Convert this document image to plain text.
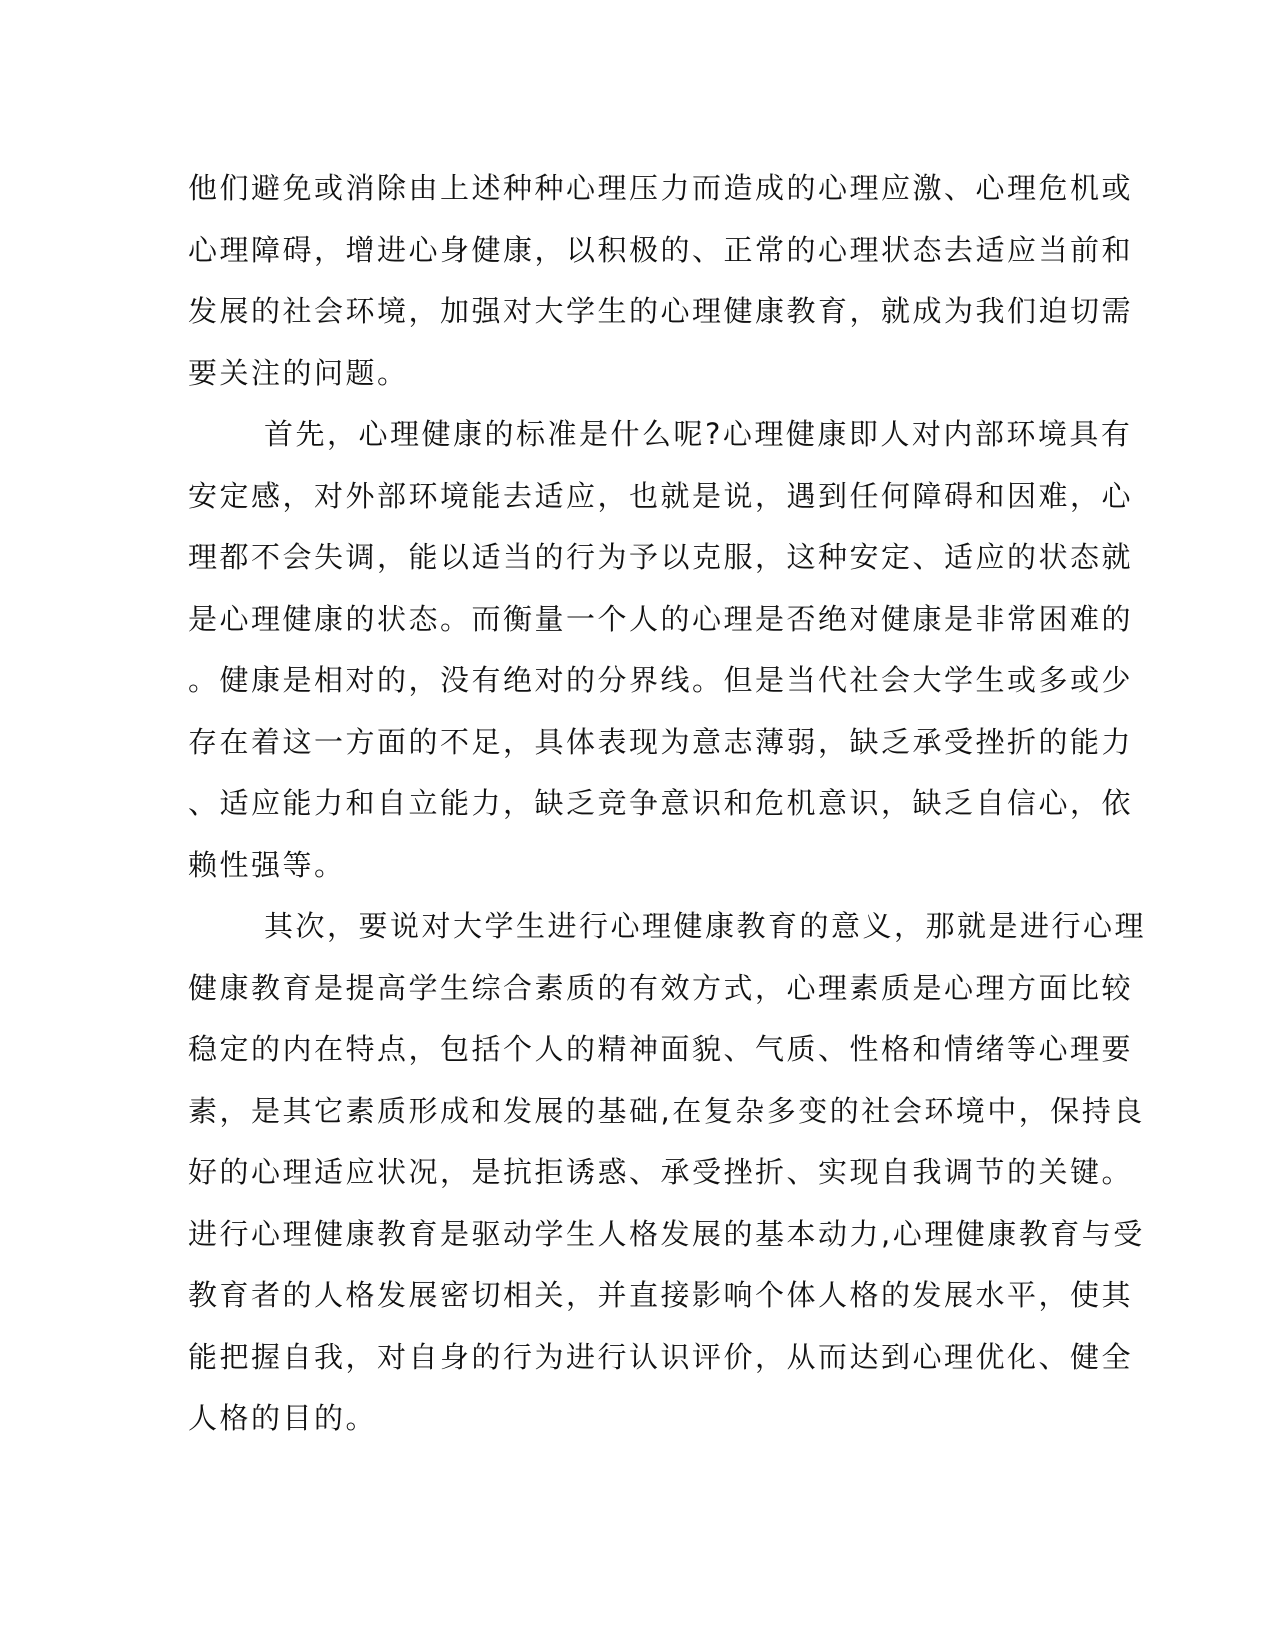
他们避免或消除由上述种种心理压力而造成的心理应激、心理危机或
心理障碍，增进心身健康，以积极的、正常的心理状态去适应当前和
发展的社会环境，加强对大学生的心理健康教育，就成为我们迫切需
要关注的问题。
首先，心理健康的标准是什么呢?心理健康即人对内部环境具有
安定感，对外部环境能去适应，也就是说，遇到任何障碍和因难，心
理都不会失调，能以适当的行为予以克服，这种安定、适应的状态就
是心理健康的状态。而衡量一个人的心理是否绝对健康是非常困难的
。健康是相对的，没有绝对的分界线。但是当代社会大学生或多或少
存在着这一方面的不足，具体表现为意志薄弱，缺乏承受挫折的能力
、适应能力和自立能力，缺乏竞争意识和危机意识，缺乏自信心，依
赖性强等。
其次，要说对大学生进行心理健康教育的意义，那就是进行心理
健康教育是提高学生综合素质的有效方式，心理素质是心理方面比较
稳定的内在特点，包括个人的精神面貌、气质、性格和情绪等心理要
素，是其它素质形成和发展的基础,在复杂多变的社会环境中，保持良
好的心理适应状况，是抗拒诱惑、承受挫折、实现自我调节的关键。
进行心理健康教育是驱动学生人格发展的基本动力,心理健康教育与受
教育者的人格发展密切相关，并直接影响个体人格的发展水平，使其
能把握自我，对自身的行为进行认识评价，从而达到心理优化、健全
人格的目的。
